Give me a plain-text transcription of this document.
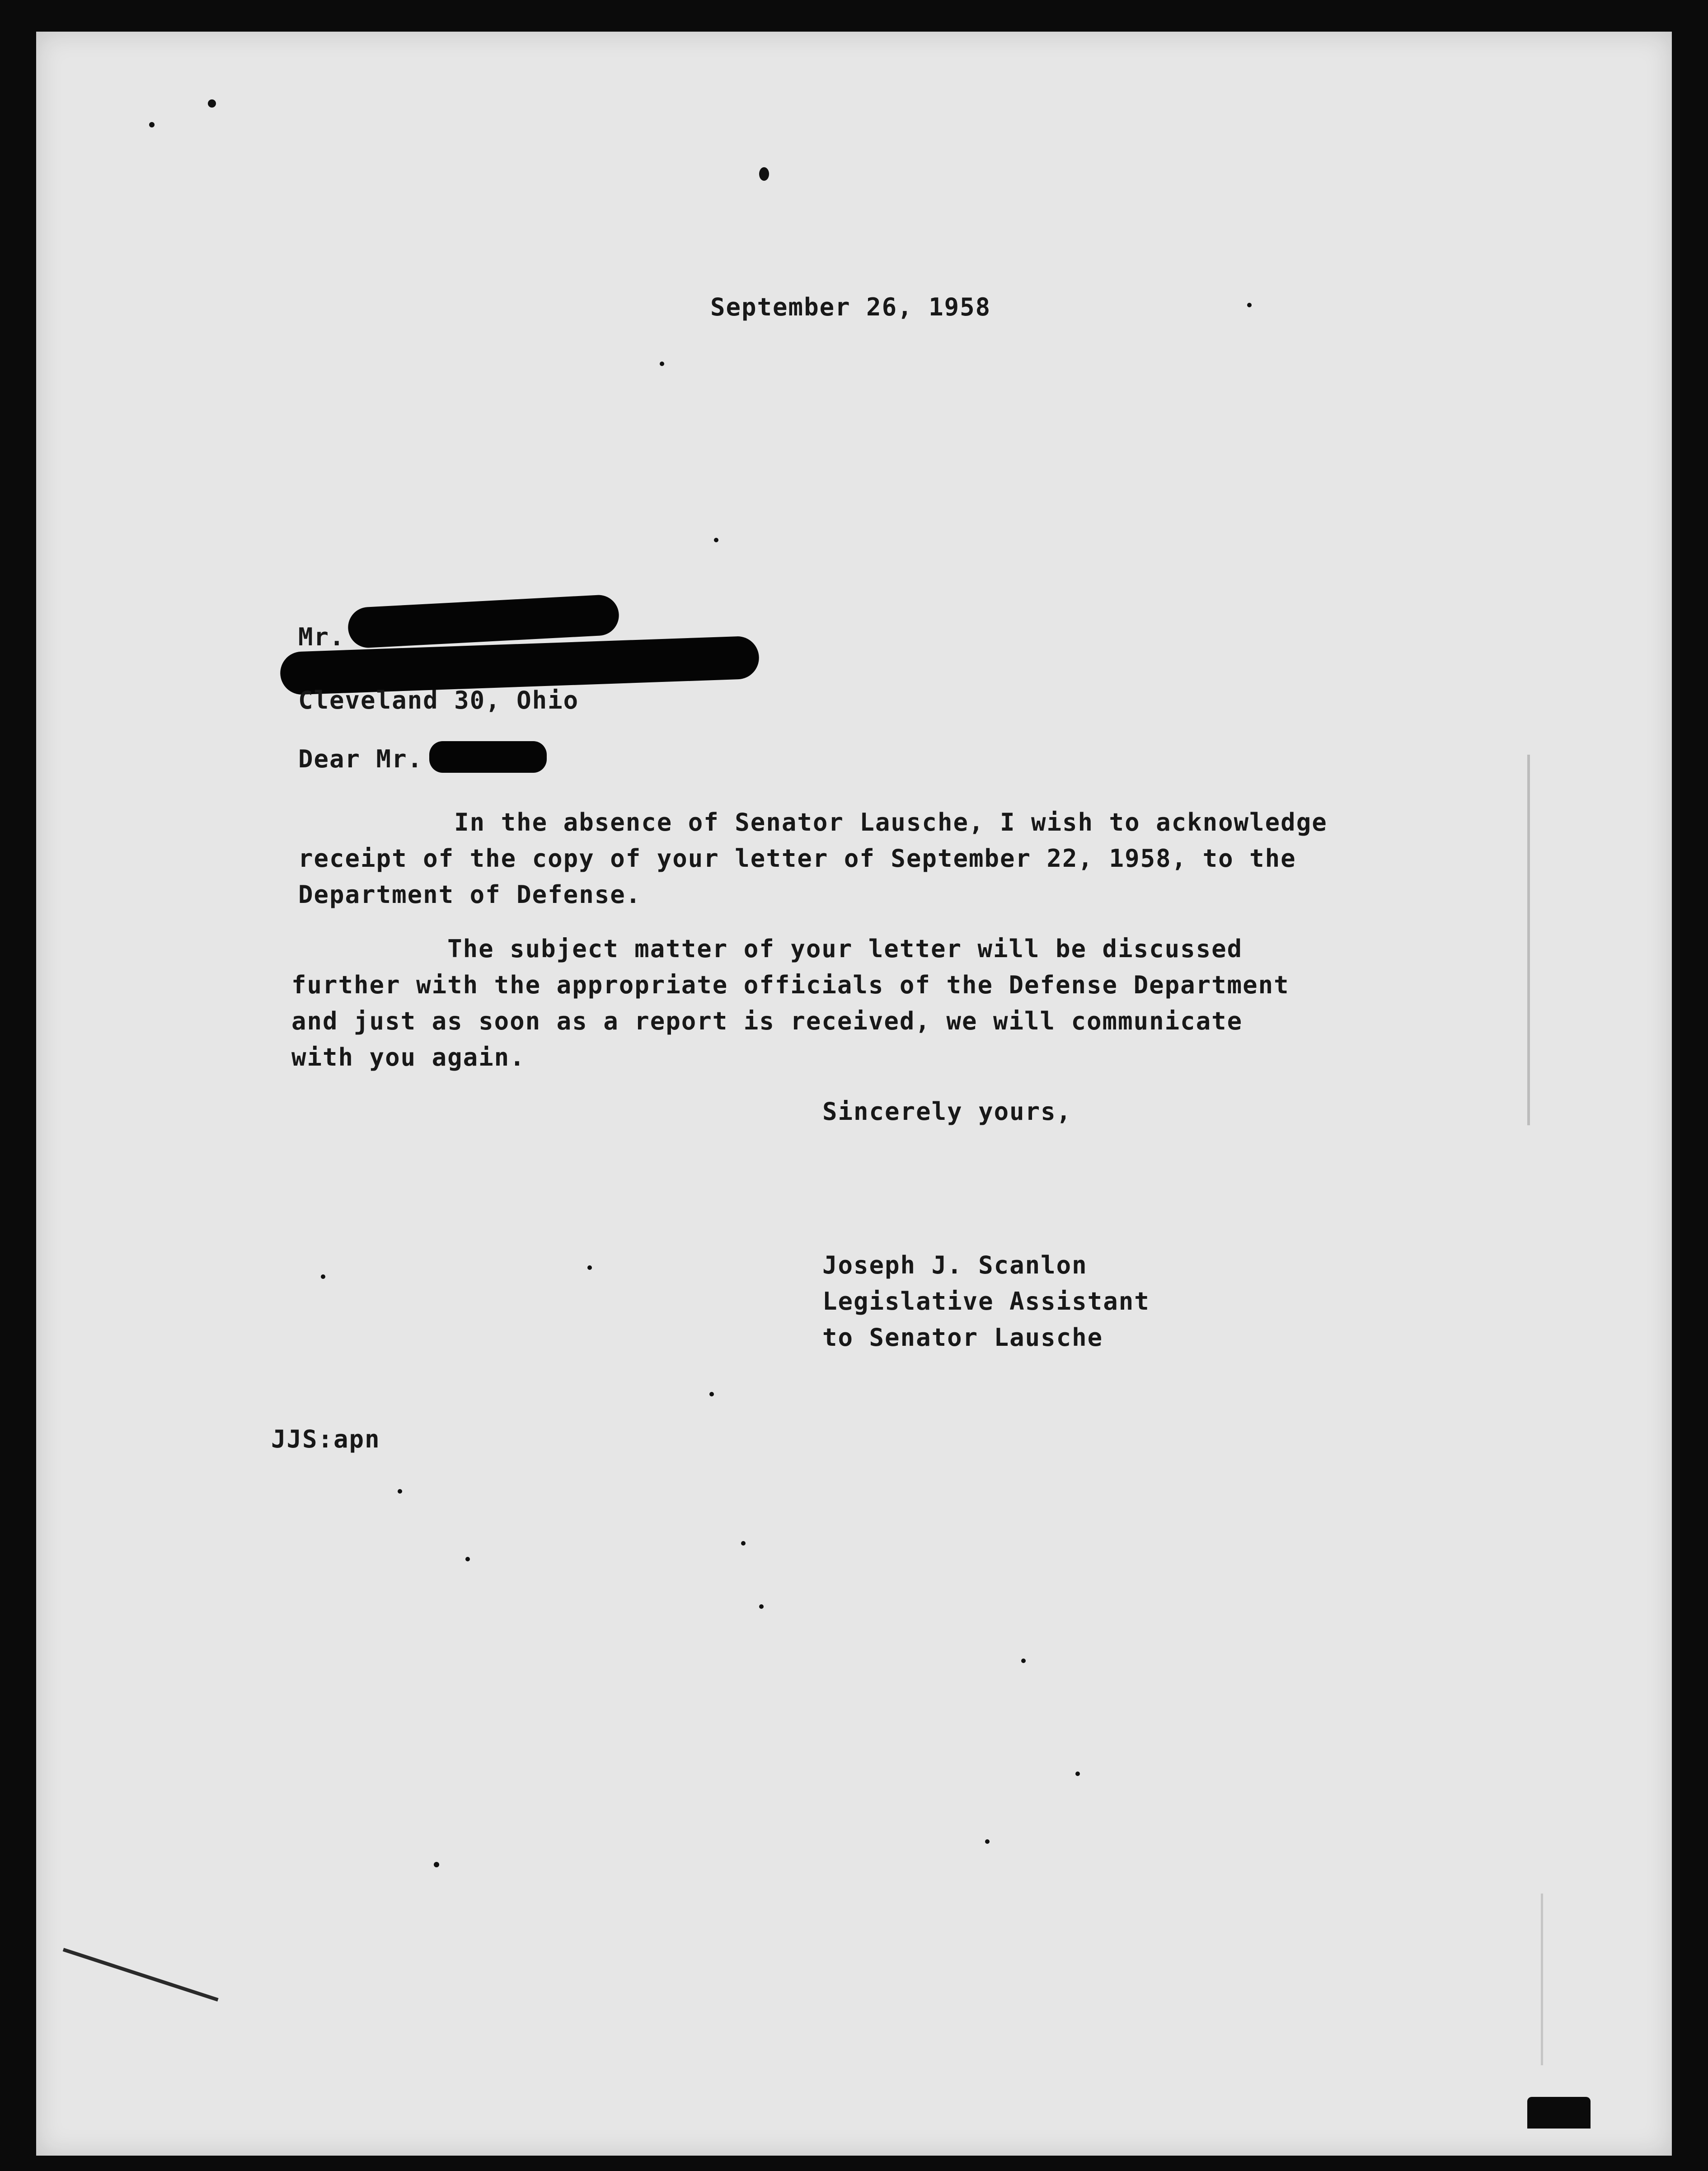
September 26, 1958
Mr.
Cleveland 30, Ohio
Dear Mr.
In the absence of Senator Lausche, I wish to acknowledge
receipt of the copy of your letter of September 22, 1958, to the
Department of Defense.
The subject matter of your letter will be discussed
further with the appropriate officials of the Defense Department
and just as soon as a report is received, we will communicate
with you again.
Sincerely yours,
Joseph J. Scanlon
Legislative Assistant
to Senator Lausche
JJS:apn
